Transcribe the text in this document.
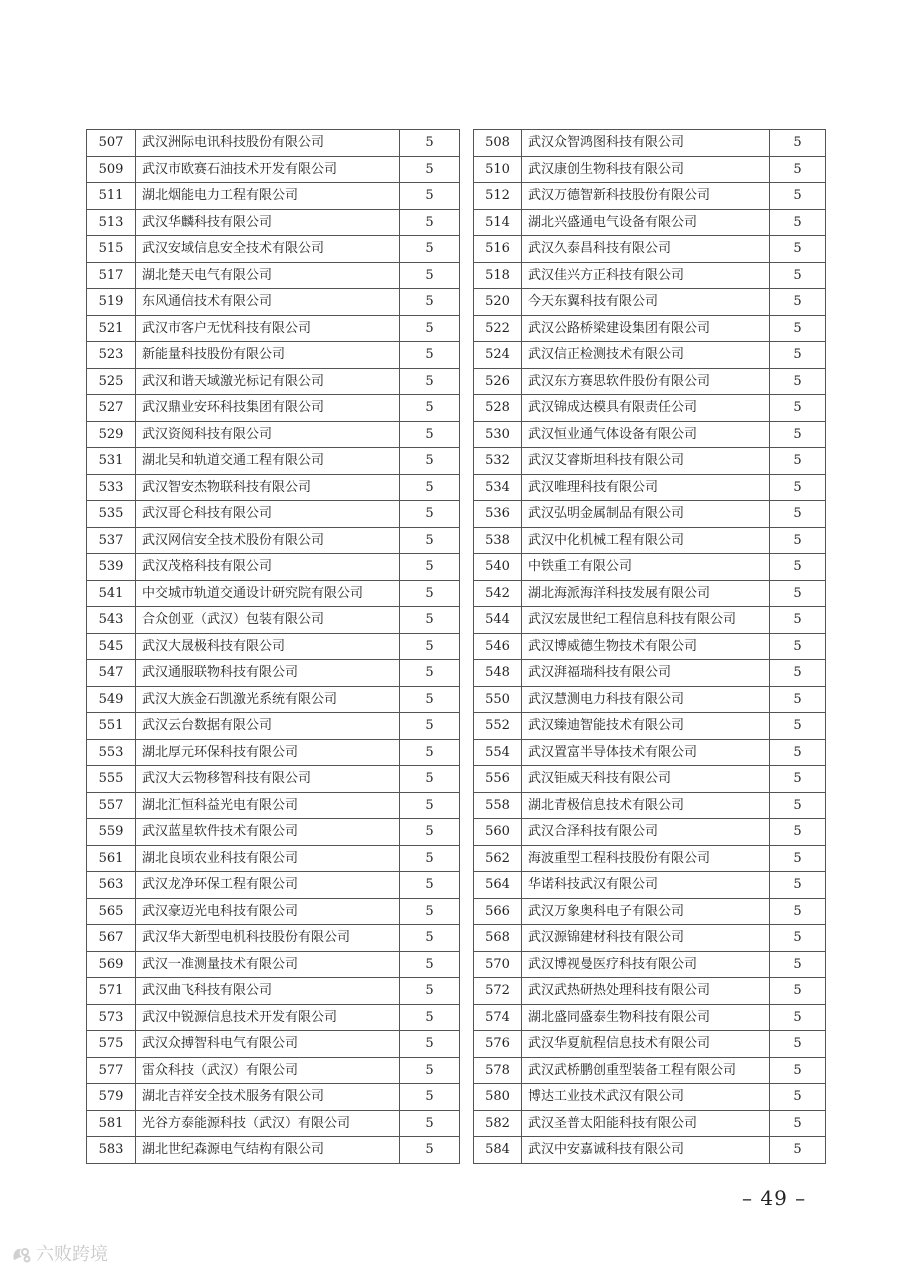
507	武汉洲际电讯科技股份有限公司	5		508	武汉众智鸿图科技有限公司	5
509	武汉市欧赛石油技术开发有限公司	5		510	武汉康创生物科技有限公司	5
511	湖北烟能电力工程有限公司	5		512	武汉万德智新科技股份有限公司	5
513	武汉华麟科技有限公司	5		514	湖北兴盛通电气设备有限公司	5
515	武汉安域信息安全技术有限公司	5		516	武汉久泰昌科技有限公司	5
517	湖北楚天电气有限公司	5		518	武汉佳兴方正科技有限公司	5
519	东风通信技术有限公司	5		520	今天东翼科技有限公司	5
521	武汉市客户无忧科技有限公司	5		522	武汉公路桥梁建设集团有限公司	5
523	新能量科技股份有限公司	5		524	武汉信正检测技术有限公司	5
525	武汉和谐天域激光标记有限公司	5		526	武汉东方赛思软件股份有限公司	5
527	武汉鼎业安环科技集团有限公司	5		528	武汉锦成达模具有限责任公司	5
529	武汉资阅科技有限公司	5		530	武汉恒业通气体设备有限公司	5
531	湖北吴和轨道交通工程有限公司	5		532	武汉艾睿斯坦科技有限公司	5
533	武汉智安杰物联科技有限公司	5		534	武汉唯理科技有限公司	5
535	武汉哥仑科技有限公司	5		536	武汉弘明金属制品有限公司	5
537	武汉网信安全技术股份有限公司	5		538	武汉中化机械工程有限公司	5
539	武汉茂格科技有限公司	5		540	中铁重工有限公司	5
541	中交城市轨道交通设计研究院有限公司	5		542	湖北海派海洋科技发展有限公司	5
543	合众创亚（武汉）包装有限公司	5		544	武汉宏晟世纪工程信息科技有限公司	5
545	武汉大晟极科技有限公司	5		546	武汉博威德生物技术有限公司	5
547	武汉通服联物科技有限公司	5		548	武汉湃福瑞科技有限公司	5
549	武汉大族金石凯激光系统有限公司	5		550	武汉慧测电力科技有限公司	5
551	武汉云台数据有限公司	5		552	武汉臻迪智能技术有限公司	5
553	湖北厚元环保科技有限公司	5		554	武汉置富半导体技术有限公司	5
555	武汉大云物移智科技有限公司	5		556	武汉钜威天科技有限公司	5
557	湖北汇恒科益光电有限公司	5		558	湖北青极信息技术有限公司	5
559	武汉蓝星软件技术有限公司	5		560	武汉合泽科技有限公司	5
561	湖北良顷农业科技有限公司	5		562	海波重型工程科技股份有限公司	5
563	武汉龙净环保工程有限公司	5		564	华诺科技武汉有限公司	5
565	武汉豪迈光电科技有限公司	5		566	武汉万象奥科电子有限公司	5
567	武汉华大新型电机科技股份有限公司	5		568	武汉源锦建材科技有限公司	5
569	武汉一准测量技术有限公司	5		570	武汉博视曼医疗科技有限公司	5
571	武汉曲飞科技有限公司	5		572	武汉武热研热处理科技有限公司	5
573	武汉中锐源信息技术开发有限公司	5		574	湖北盛同盛泰生物科技有限公司	5
575	武汉众搏智科电气有限公司	5		576	武汉华夏航程信息技术有限公司	5
577	雷众科技（武汉）有限公司	5		578	武汉武桥鹏创重型装备工程有限公司	5
579	湖北吉祥安全技术服务有限公司	5		580	博达工业技术武汉有限公司	5
581	光谷方泰能源科技（武汉）有限公司	5		582	武汉圣普太阳能科技有限公司	5
583	湖北世纪森源电气结构有限公司	5		584	武汉中安嘉诚科技有限公司	5
– 49 –
六败跨境
